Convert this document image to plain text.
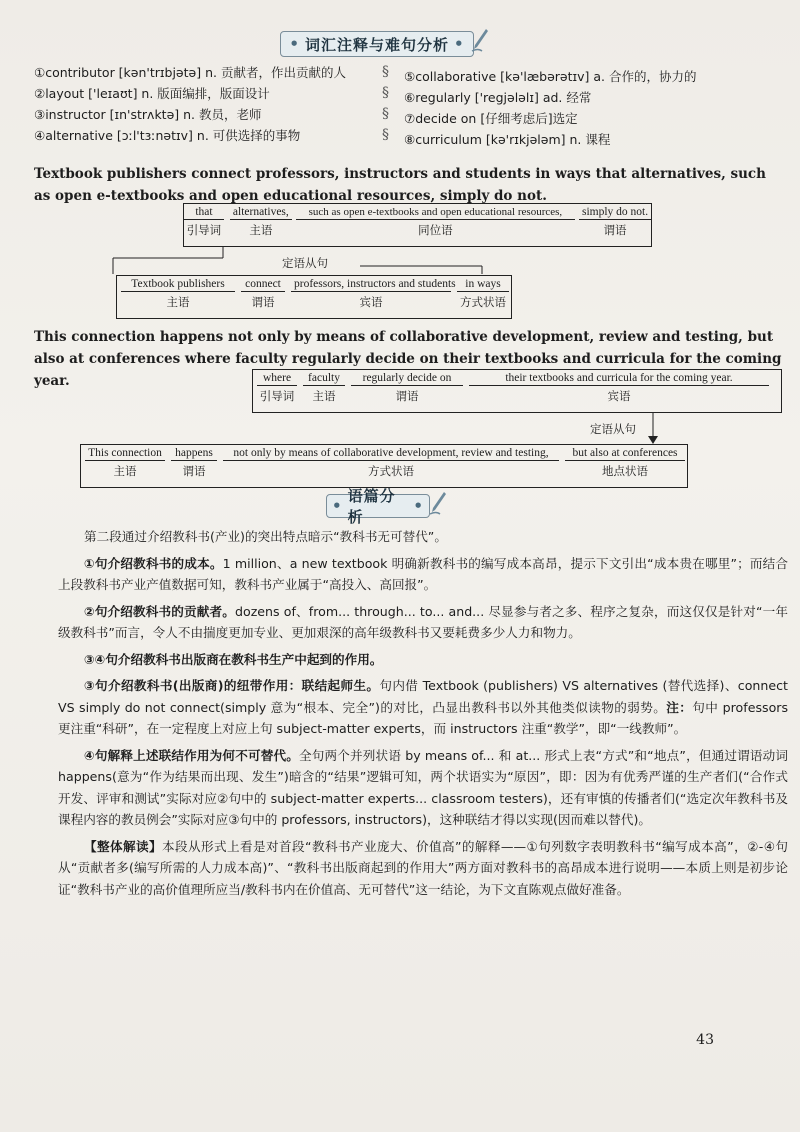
• 词汇注释与难句分析 •
①contributor [kən'trɪbjətə] n. 贡献者，作出贡献的人
②layout ['leɪaʊt] n. 版面编排，版面设计
③instructor [ɪn'strʌktə] n. 教员，老师
④alternative [ɔːl'tɜːnətɪv] n. 可供选择的事物
§
§
§
§
⑤collaborative [kə'læbərətɪv] a. 合作的，协力的
⑥regularly ['regjələlɪ] ad. 经常
⑦decide on [仔细考虑后]选定
⑧curriculum [kə'rɪkjələm] n. 课程
Textbook publishers connect professors, instructors and students in ways that alternatives, such as open e-textbooks and open educational resources, simply do not.
that
引导词
alternatives,
主语
such as open e-textbooks and open educational resources,
同位语
simply do not.
谓语
定语从句
Textbook publishers
主语
connect
谓语
professors, instructors and students
宾语
in ways
方式状语
This connection happens not only by means of collaborative development, review and testing, but also at conferences where faculty regularly decide on their textbooks and curricula for the coming year.	where
引导词
faculty
主语
regularly decide on
谓语
their textbooks and curricula for the coming year.
宾语
定语从句
This connection
主语
happens
谓语
not only by means of collaborative development, review and testing,
方式状语
but also at conferences
地点状语
•
语篇分析
•

第二段通过介绍教科书(产业)的突出特点暗示“教科书无可替代”。

①句介绍教科书的成本。1 million、a new textbook 明确新教科书的编写成本高昂，提示下文引出“成本贵在哪里”；而结合上段教科书产业产值数据可知，教科书产业属于“高投入、高回报”。

②句介绍教科书的贡献者。dozens of、from... through... to... and... 尽显参与者之多、程序之复杂，而这仅仅是针对“一年级教科书”而言，令人不由揣度更加专业、更加艰深的高年级教科书又要耗费多少人力和物力。

③④句介绍教科书出版商在教科书生产中起到的作用。

③句介绍教科书(出版商)的纽带作用：联结起师生。句内借 Textbook (publishers) VS alternatives (替代选择)、connect VS simply do not connect(simply 意为“根本、完全”)的对比，凸显出教科书以外其他类似读物的弱势。注：句中 professors 更注重“科研”，在一定程度上对应上句 subject-matter experts，而 instructors 注重“教学”，即“一线教师”。

④句解释上述联结作用为何不可替代。全句两个并列状语 by means of... 和 at... 形式上表“方式”和“地点”，但通过谓语动词 happens(意为“作为结果而出现、发生”)暗含的“结果”逻辑可知，两个状语实为“原因”，即：因为有优秀严谨的生产者们(“合作式开发、评审和测试”实际对应②句中的 subject-matter experts... classroom testers)，还有审慎的传播者们(“选定次年教科书及课程内容的教员例会”实际对应③句中的 professors, instructors)，这种联结才得以实现(因而难以替代)。

【整体解读】本段从形式上看是对首段“教科书产业庞大、价值高”的解释——①句列数字表明教科书“编写成本高”，②-④句从“贡献者多(编写所需的人力成本高)”、“教科书出版商起到的作用大”两方面对教科书的高昂成本进行说明——本质上则是初步论证“教科书产业的高价值理所应当/教科书内在价值高、无可替代”这一结论，为下文直陈观点做好准备。

43
